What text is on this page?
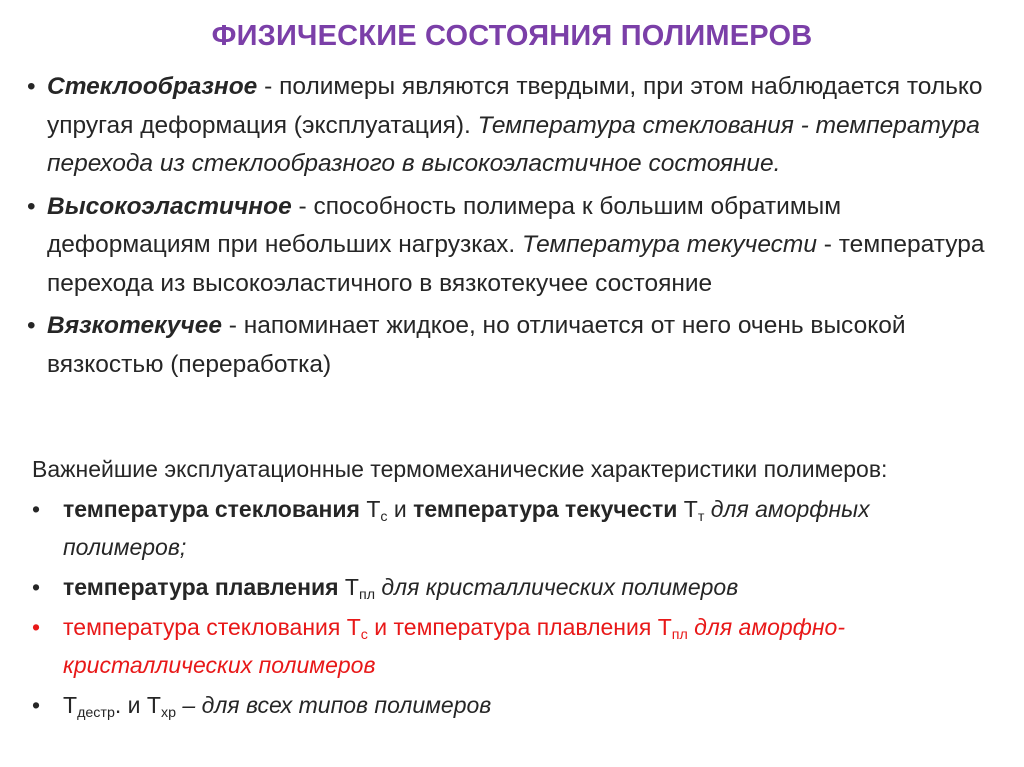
ФИЗИЧЕСКИЕ СОСТОЯНИЯ ПОЛИМЕРОВ
• Стеклообразное - полимеры являются твердыми, при этом наблюдается только упругая деформация (эксплуатация). Температура стеклования - температура перехода из стеклообразного в высокоэластичное состояние.
• Высокоэластичное - способность полимера к большим обратимым деформациям при небольших нагрузках. Температура текучести - температура перехода из высокоэластичного в вязкотекучее состояние
• Вязкотекучее - напоминает жидкое, но отличается от него очень высокой вязкостью (переработка)
Важнейшие эксплуатационные термомеханические характеристики полимеров:
• температура стеклования $Т_с$ и температура текучести $Т_т$ для аморфных полимеров;
• температура плавления $Т_{пл}$ для кристаллических полимеров
• температура стеклования $Т_с$ и температура плавления $Т_{пл}$ для аморфно-кристаллических полимеров
• $Т_{дестр}$. и $Т_{хр}$ – для всех типов полимеров
